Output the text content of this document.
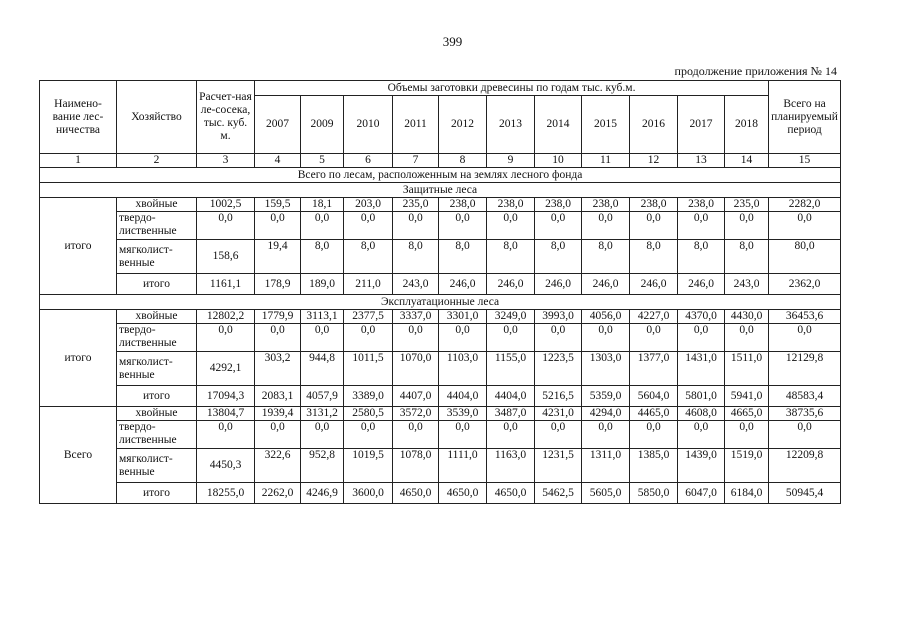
399
продолжение приложения № 14
Наимено-вание лес-ничества	Хозяйство	Расчет-ная ле-сосека, тыс. куб. м.	Объемы заготовки древесины по годам тыс. куб.м.											Всего на планируемый период
			2007	2009	2010	2011	2012	2013	2014	2015	2016	2017	2018	
1	2	3	4	5	6	7	8	9	10	11	12	13	14	15
Всего по лесам, расположенным на землях лесного фонда														
Защитные леса														
итого	хвойные	1002,5	159,5	18,1	203,0	235,0	238,0	238,0	238,0	238,0	238,0	238,0	235,0	2282,0
	твердо-лиственные	0,0	0,0	0,0	0,0	0,0	0,0	0,0	0,0	0,0	0,0	0,0	0,0	0,0
	мягколист-венные	158,6	19,4	8,0	8,0	8,0	8,0	8,0	8,0	8,0	8,0	8,0	8,0	80,0
	итого	1161,1	178,9	189,0	211,0	243,0	246,0	246,0	246,0	246,0	246,0	246,0	243,0	2362,0
Эксплуатационные леса														
итого	хвойные	12802,2	1779,9	3113,1	2377,5	3337,0	3301,0	3249,0	3993,0	4056,0	4227,0	4370,0	4430,0	36453,6
	твердо-лиственные	0,0	0,0	0,0	0,0	0,0	0,0	0,0	0,0	0,0	0,0	0,0	0,0	0,0
	мягколист-венные	4292,1	303,2	944,8	1011,5	1070,0	1103,0	1155,0	1223,5	1303,0	1377,0	1431,0	1511,0	12129,8
	итого	17094,3	2083,1	4057,9	3389,0	4407,0	4404,0	4404,0	5216,5	5359,0	5604,0	5801,0	5941,0	48583,4
Всего	хвойные	13804,7	1939,4	3131,2	2580,5	3572,0	3539,0	3487,0	4231,0	4294,0	4465,0	4608,0	4665,0	38735,6
	твердо-лиственные	0,0	0,0	0,0	0,0	0,0	0,0	0,0	0,0	0,0	0,0	0,0	0,0	0,0
	мягколист-венные	4450,3	322,6	952,8	1019,5	1078,0	1111,0	1163,0	1231,5	1311,0	1385,0	1439,0	1519,0	12209,8
	итого	18255,0	2262,0	4246,9	3600,0	4650,0	4650,0	4650,0	5462,5	5605,0	5850,0	6047,0	6184,0	50945,4
